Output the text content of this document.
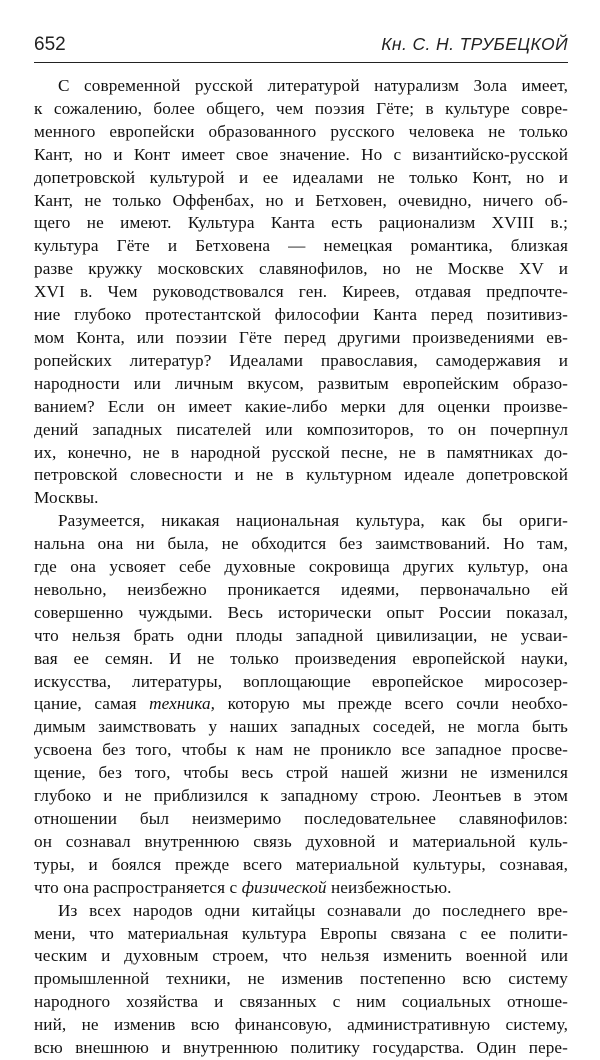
652	Кн. С. Н. ТРУБЕЦКОЙ

С современной русской литературой натурализм Зола имеет,
к сожалению, более общего, чем поэзия Гёте; в культуре совре-
менного европейски образованного русского человека не только
Кант, но и Конт имеет свое значение. Но с византийско-русской
допетровской культурой и ее идеалами не только Конт, но и
Кант, не только Оффенбах, но и Бетховен, очевидно, ничего об-
щего не имеют. Культура Канта есть рационализм XVIII в.;
культура Гёте и Бетховена — немецкая романтика, близкая
разве кружку московских славянофилов, но не Москве XV и
XVI в. Чем руководствовался ген. Киреев, отдавая предпочте-
ние глубоко протестантской философии Канта перед позитивиз-
мом Конта, или поэзии Гёте перед другими произведениями ев-
ропейских литератур? Идеалами православия, самодержавия и
народности или личным вкусом, развитым европейским образо-
ванием? Если он имеет какие-либо мерки для оценки произве-
дений западных писателей или композиторов, то он почерпнул
их, конечно, не в народной русской песне, не в памятниках до-
петровской словесности и не в культурном идеале допетровской
Москвы.

Разумеется, никакая национальная культура, как бы ориги-
нальна она ни была, не обходится без заимствований. Но там,
где она усвояет себе духовные сокровища других культур, она
невольно, неизбежно проникается идеями, первоначально ей
совершенно чуждыми. Весь исторически опыт России показал,
что нельзя брать одни плоды западной цивилизации, не усваи-
вая ее семян. И не только произведения европейской науки,
искусства, литературы, воплощающие европейское миросозер-
цание, самая техника, которую мы прежде всего сочли необхо-
димым заимствовать у наших западных соседей, не могла быть
усвоена без того, чтобы к нам не проникло все западное просве-
щение, без того, чтобы весь строй нашей жизни не изменился
глубоко и не приблизился к западному строю. Леонтьев в этом
отношении был неизмеримо последовательнее славянофилов:
он сознавал внутреннюю связь духовной и материальной куль-
туры, и боялся прежде всего материальной культуры, сознавая,
что она распространяется с физической неизбежностью.

Из всех народов одни китайцы сознавали до последнего вре-
мени, что материальная культура Европы связана с ее полити-
ческим и духовным строем, что нельзя изменить военной или
промышленной техники, не изменив постепенно всю систему
народного хозяйства и связанных с ним социальных отноше-
ний, не изменив всю финансовую, административную систему,
всю внешнюю и внутреннюю политику государства. Один пере-
